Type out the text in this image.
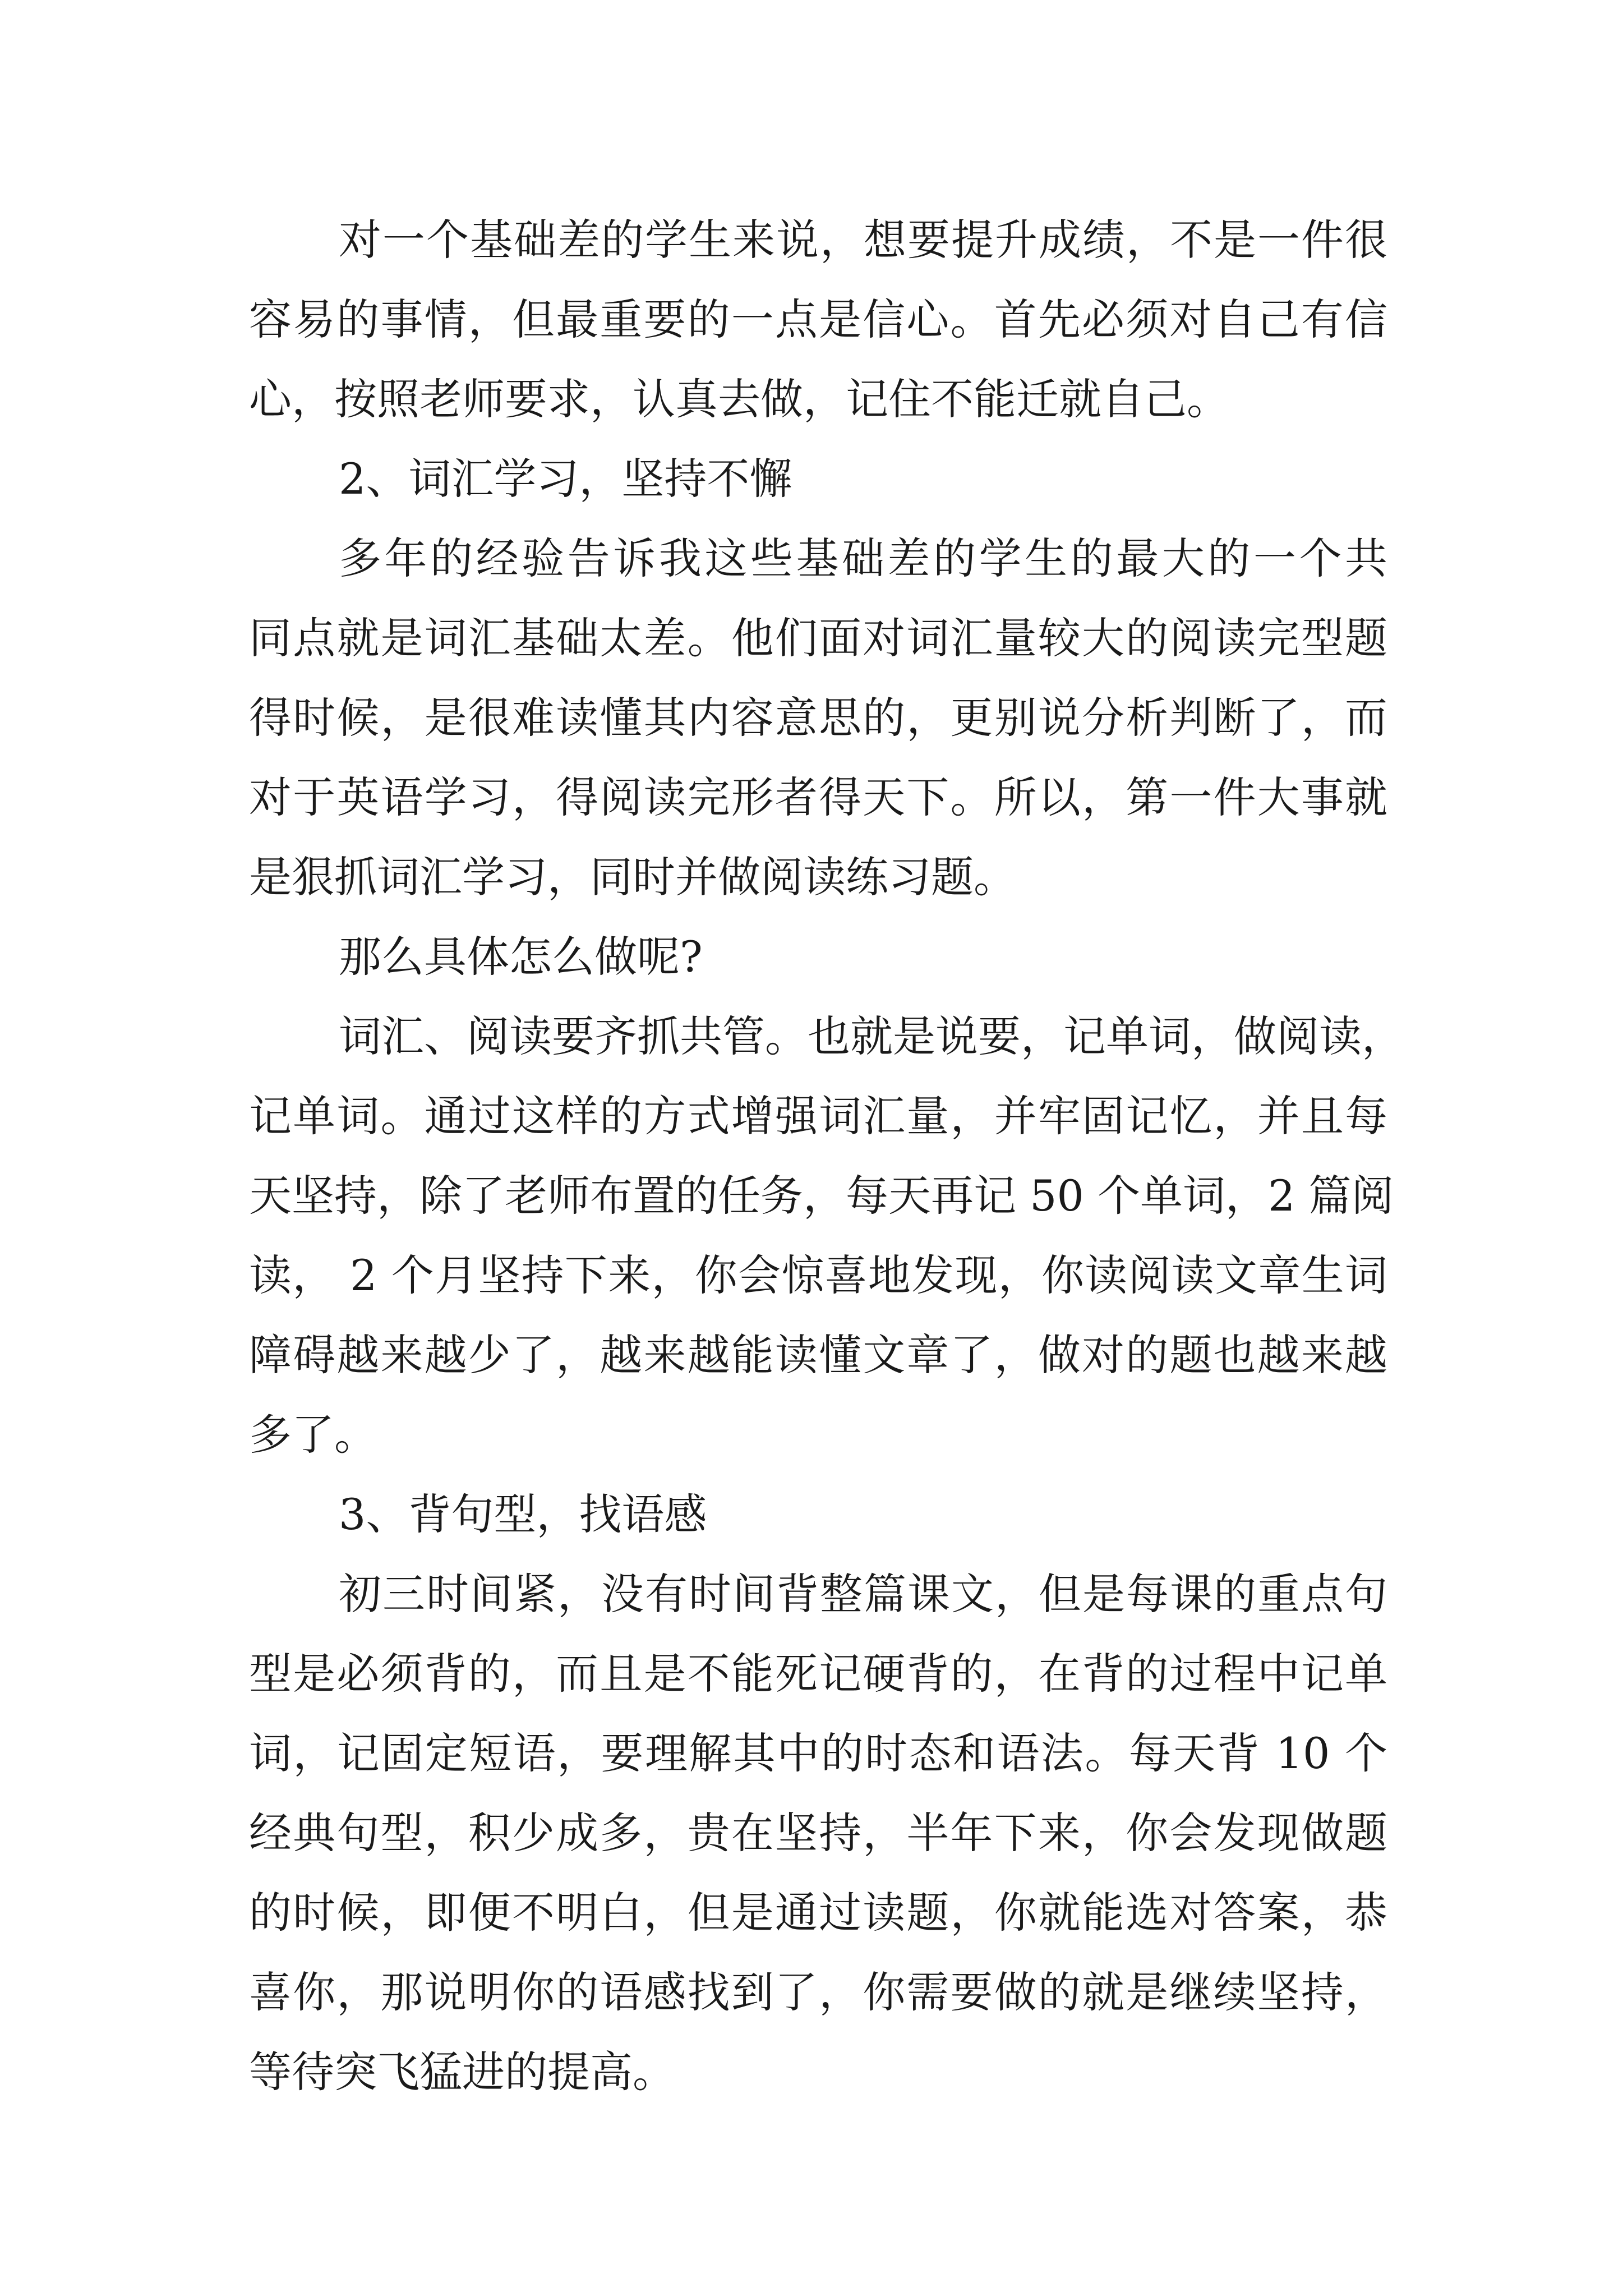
对一个基础差的学生来说，想要提升成绩，不是一件很
容易的事情，但最重要的一点是信心。首先必须对自己有信
心，按照老师要求，认真去做，记住不能迁就自己。
2、词汇学习，坚持不懈
多年的经验告诉我这些基础差的学生的最大的一个共
同点就是词汇基础太差。他们面对词汇量较大的阅读完型题
得时候，是很难读懂其内容意思的，更别说分析判断了，而
对于英语学习，得阅读完形者得天下。所以，第一件大事就
是狠抓词汇学习，同时并做阅读练习题。
那么具体怎么做呢?
词汇、阅读要齐抓共管。也就是说要，记单词，做阅读，
记单词。通过这样的方式增强词汇量，并牢固记忆，并且每
天坚持，除了老师布置的任务，每天再记 50 个单词，2 篇阅
读， 2 个月坚持下来，你会惊喜地发现，你读阅读文章生词
障碍越来越少了，越来越能读懂文章了，做对的题也越来越
多了。
3、背句型，找语感
初三时间紧，没有时间背整篇课文，但是每课的重点句
型是必须背的，而且是不能死记硬背的，在背的过程中记单
词，记固定短语，要理解其中的时态和语法。每天背 10 个
经典句型，积少成多，贵在坚持，半年下来，你会发现做题
的时候，即便不明白，但是通过读题，你就能选对答案，恭
喜你，那说明你的语感找到了，你需要做的就是继续坚持，
等待突飞猛进的提高。
